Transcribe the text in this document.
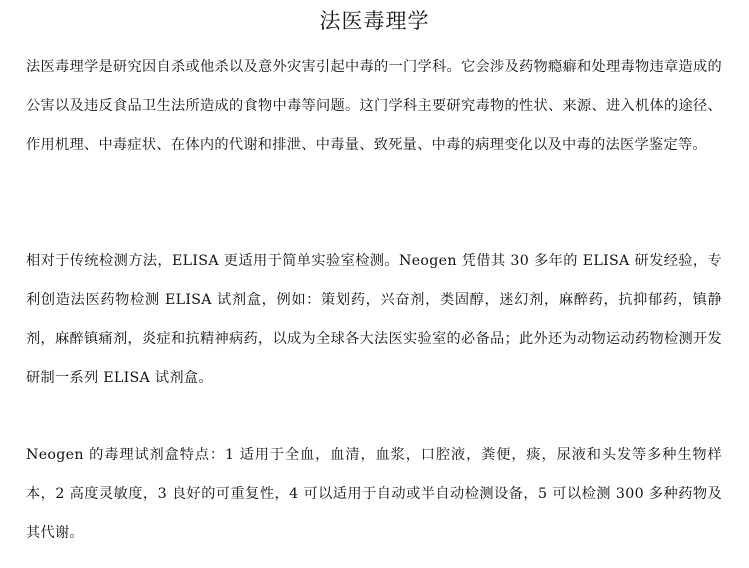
法医毒理学

法医毒理学是研究因自杀或他杀以及意外灾害引起中毒的一门学科。它会涉及药物瘾癖和处理毒物违章造成的公害以及违反食品卫生法所造成的食物中毒等问题。这门学科主要研究毒物的性状、来源、进入机体的途径、作用机理、中毒症状、在体内的代谢和排泄、中毒量、致死量、中毒的病理变化以及中毒的法医学鉴定等。

相对于传统检测方法，ELISA 更适用于简单实验室检测。Neogen 凭借其 30 多年的 ELISA 研发经验，专利创造法医药物检测 ELISA 试剂盒，例如：策划药，兴奋剂，类固醇，迷幻剂，麻醉药，抗抑郁药，镇静剂，麻醉镇痛剂，炎症和抗精神病药，以成为全球各大法医实验室的必备品；此外还为动物运动药物检测开发研制一系列 ELISA 试剂盒。

Neogen 的毒理试剂盒特点：1 适用于全血，血清，血浆，口腔液，粪便，痰，尿液和头发等多种生物样本，2 高度灵敏度，3 良好的可重复性，4 可以适用于自动或半自动检测设备，5 可以检测 300 多种药物及其代谢。
